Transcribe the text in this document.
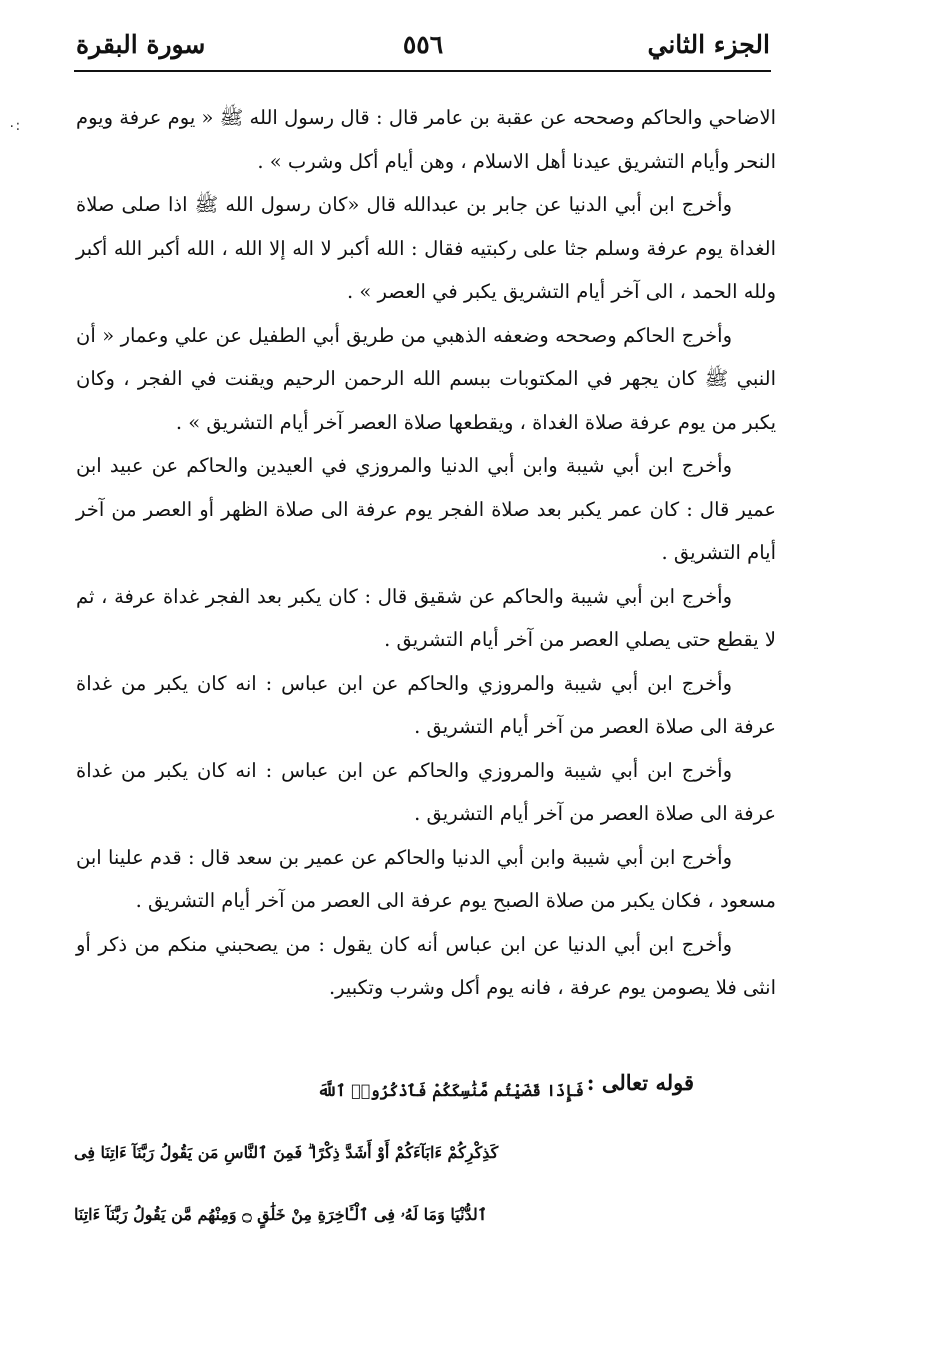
الجزء الثاني
٥٥٦
سورة البقرة
٠:	الاضاحي والحاكم وصححه عن عقبة بن عامر قال : قال رسول الله ﷺ « يوم عرفة ويوم النحر وأيام التشريق عيدنا أهل الاسلام ، وهن أيام أكل وشرب » .

وأخرج ابن أبي الدنيا عن جابر بن عبدالله قال «كان رسول الله ﷺ اذا صلى صلاة الغداة يوم عرفة وسلم جثا على ركبتيه فقال : الله أكبر لا اله إلا الله ، الله أكبر الله أكبر ولله الحمد ، الى آخر أيام التشريق يكبر في العصر » .

وأخرج الحاكم وصححه وضعفه الذهبي من طريق أبي الطفيل عن علي وعمار « أن النبي ﷺ كان يجهر في المكتوبات ببسم الله الرحمن الرحيم ويقنت في الفجر ، وكان يكبر من يوم عرفة صلاة الغداة ، ويقطعها صلاة العصر آخر أيام التشريق » .

وأخرج ابن أبي شيبة وابن أبي الدنيا والمروزي في العيدين والحاكم عن عبيد ابن عمير قال : كان عمر يكبر بعد صلاة الفجر يوم عرفة الى صلاة الظهر أو العصر من آخر أيام التشريق .

وأخرج ابن أبي شيبة والحاكم عن شقيق قال : كان يكبر بعد الفجر غداة عرفة ، ثم لا يقطع حتى يصلي العصر من آخر أيام التشريق .

وأخرج ابن أبي شيبة والمروزي والحاكم عن ابن عباس : انه كان يكبر من غداة عرفة الى صلاة العصر من آخر أيام التشريق .

وأخرج ابن أبي شيبة والمروزي والحاكم عن ابن عباس : انه كان يكبر من غداة عرفة الى صلاة العصر من آخر أيام التشريق .

وأخرج ابن أبي شيبة وابن أبي الدنيا والحاكم عن عمير بن سعد قال : قدم علينا ابن مسعود ، فكان يكبر من صلاة الصبح يوم عرفة الى العصر من آخر أيام التشريق .

وأخرج ابن أبي الدنيا عن ابن عباس أنه كان يقول : من يصحبني منكم من ذكر أو انثى فلا يصومن يوم عرفة ، فانه يوم أكل وشرب وتكبير.

قوله تعالى :
فَإِذَا قَضَيْتُم مَّنَٰسِكَكُمْ فَٱذْكُرُوا۟ ٱللَّهَ
كَذِكْرِكُمْ ءَابَآءَكُمْ أَوْ أَشَدَّ ذِكْرًا ۗ فَمِنَ ٱلنَّاسِ مَن يَقُولُ رَبَّنَآ ءَاتِنَا فِى
ٱلدُّنْيَا وَمَا لَهُۥ فِى ٱلْـَٔاخِرَةِ مِنْ خَلَٰقٍ ۝ وَمِنْهُم مَّن يَقُولُ رَبَّنَآ ءَاتِنَا
